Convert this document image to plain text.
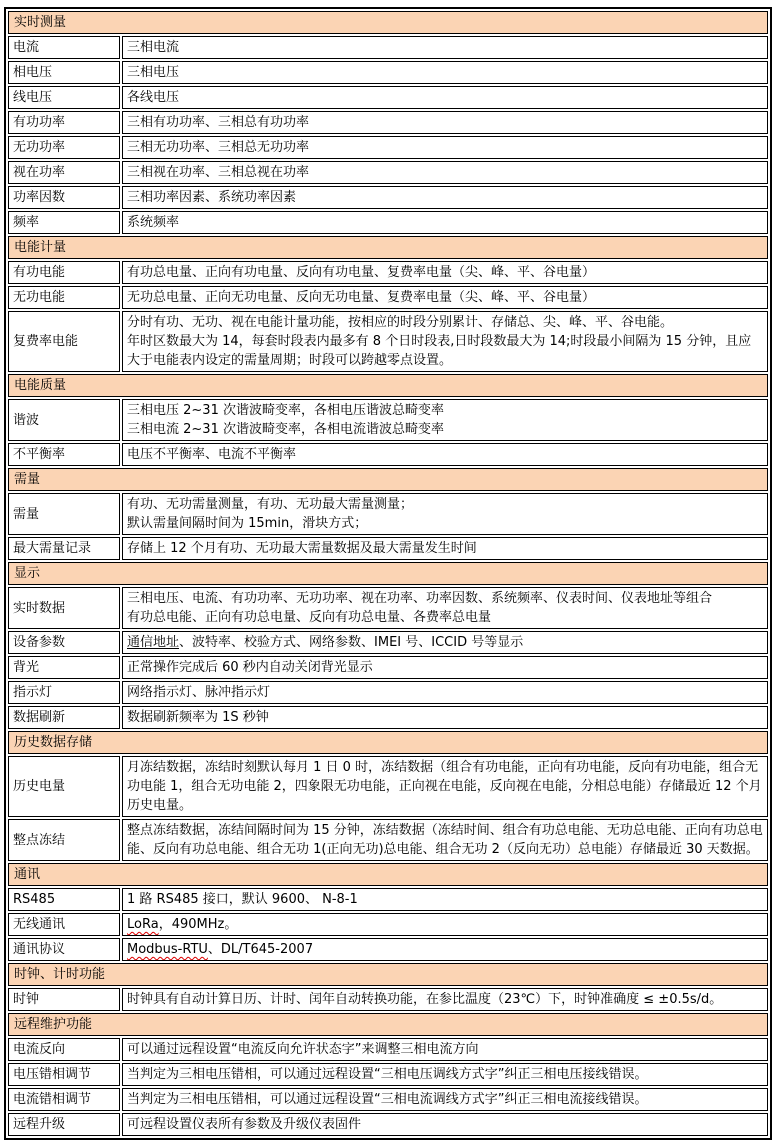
实时测量	
电流	三相电流

相电压	三相电压

线电压	各线电压

有功功率	三相有功功率、三相总有功功率

无功功率	三相无功功率、三相总无功功率

视在功率	三相视在功率、三相总视在功率

功率因数	三相功率因素、系统功率因素

频率	系统频率

电能计量	
有功电能	有功总电量、正向有功电量、反向有功电量、复费率电量（尖、峰、平、谷电量）

无功电能	无功总电量、正向无功电量、反向无功电量、复费率电量（尖、峰、平、谷电量）

复费率电能	分时有功、无功、视在电能计量功能，按相应的时段分别累计、存储总、尖、峰、平、谷电能。
年时区数最大为 14，每套时段表内最多有 8 个日时段表,日时段数最大为 14;时段最小间隔为 15 分钟，且应大于电能表内设定的需量周期；时段可以跨越零点设置。

电能质量	
谐波	三相电压 2~31 次谐波畸变率，各相电压谐波总畸变率
三相电流 2~31 次谐波畸变率，各相电流谐波总畸变率

不平衡率	电压不平衡率、电流不平衡率

需量	
需量	有功、无功需量测量，有功、无功最大需量测量；
默认需量间隔时间为 15min，滑块方式；

最大需量记录	存储上 12 个月有功、无功最大需量数据及最大需量发生时间

显示	
实时数据	三相电压、电流、有功功率、无功功率、视在功率、功率因数、系统频率、仪表时间、仪表地址等组合
有功总电能、正向有功总电量、反向有功总电量、各费率总电量

设备参数	通信地址、波特率、校验方式、网络参数、IMEI 号、ICCID 号等显示

背光	正常操作完成后 60 秒内自动关闭背光显示

指示灯	网络指示灯、脉冲指示灯

数据刷新	数据刷新频率为 1S 秒钟

历史数据存储	
历史电量	月冻结数据，冻结时刻默认每月 1 日 0 时，冻结数据（组合有功电能，正向有功电能，反向有功电能，组合无功电能 1，组合无功电能 2，四象限无功电能，正向视在电能，反向视在电能，分相总电能）存储最近 12 个月历史电量。

整点冻结	整点冻结数据，冻结间隔时间为 15 分钟，冻结数据（冻结时间、组合有功总电能、无功总电能、正向有功总电能、反向有功总电能、组合无功 1(正向无功)总电能、组合无功 2（反向无功）总电能）存储最近 30 天数据。

通讯	
RS485	1 路 RS485 接口，默认 9600、 N-8-1

无线通讯	LoRa，490MHz。

通讯协议	Modbus-RTU、DL/T645-2007

时钟、计时功能	
时钟	时钟具有自动计算日历、计时、闰年自动转换功能，在参比温度（23℃）下，时钟准确度 ≤ ±0.5s/d。

远程维护功能	
电流反向	可以通过远程设置“电流反向允许状态字”来调整三相电流方向

电压错相调节	当判定为三相电压错相，可以通过远程设置“三相电压调线方式字”纠正三相电压接线错误。

电流错相调节	当判定为三相电压错相，可以通过远程设置“三相电流调线方式字”纠正三相电流接线错误。

远程升级	可远程设置仪表所有参数及升级仪表固件
